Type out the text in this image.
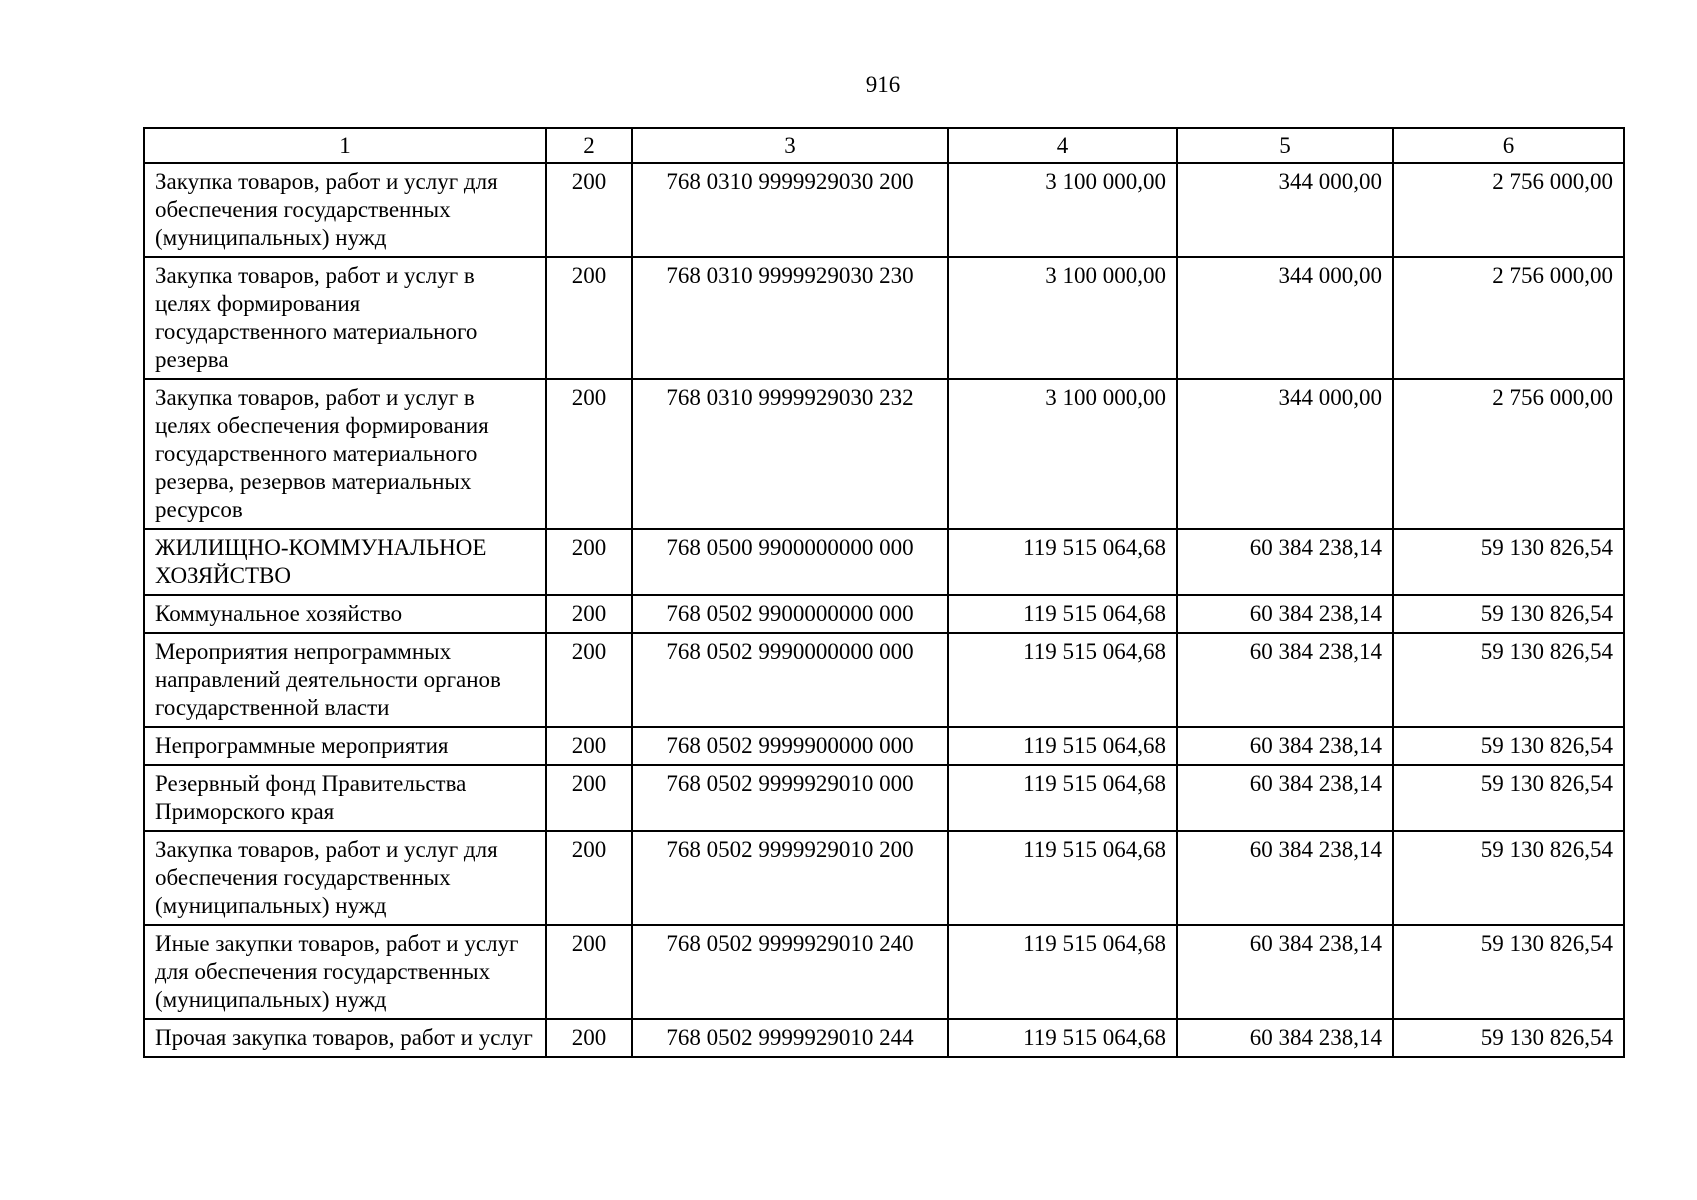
916
1	2	3	4	5	6
Закупка товаров, работ и услуг для обеспечения государственных (муниципальных) нужд	200	768 0310 9999929030 200	3 100 000,00	344 000,00	2 756 000,00
Закупка товаров, работ и услуг в целях формирования государственного материального резерва	200	768 0310 9999929030 230	3 100 000,00	344 000,00	2 756 000,00
Закупка товаров, работ и услуг в целях обеспечения формирования государственного материального резерва, резервов материальных ресурсов	200	768 0310 9999929030 232	3 100 000,00	344 000,00	2 756 000,00
ЖИЛИЩНО-КОММУНАЛЬНОЕ ХОЗЯЙСТВО	200	768 0500 9900000000 000	119 515 064,68	60 384 238,14	59 130 826,54
Коммунальное хозяйство	200	768 0502 9900000000 000	119 515 064,68	60 384 238,14	59 130 826,54
Мероприятия непрограммных направлений деятельности органов государственной власти	200	768 0502 9990000000 000	119 515 064,68	60 384 238,14	59 130 826,54
Непрограммные мероприятия	200	768 0502 9999900000 000	119 515 064,68	60 384 238,14	59 130 826,54
Резервный фонд Правительства Приморского края	200	768 0502 9999929010 000	119 515 064,68	60 384 238,14	59 130 826,54
Закупка товаров, работ и услуг для обеспечения государственных (муниципальных) нужд	200	768 0502 9999929010 200	119 515 064,68	60 384 238,14	59 130 826,54
Иные закупки товаров, работ и услуг для обеспечения государственных (муниципальных) нужд	200	768 0502 9999929010 240	119 515 064,68	60 384 238,14	59 130 826,54
Прочая закупка товаров, работ и услуг	200	768 0502 9999929010 244	119 515 064,68	60 384 238,14	59 130 826,54
